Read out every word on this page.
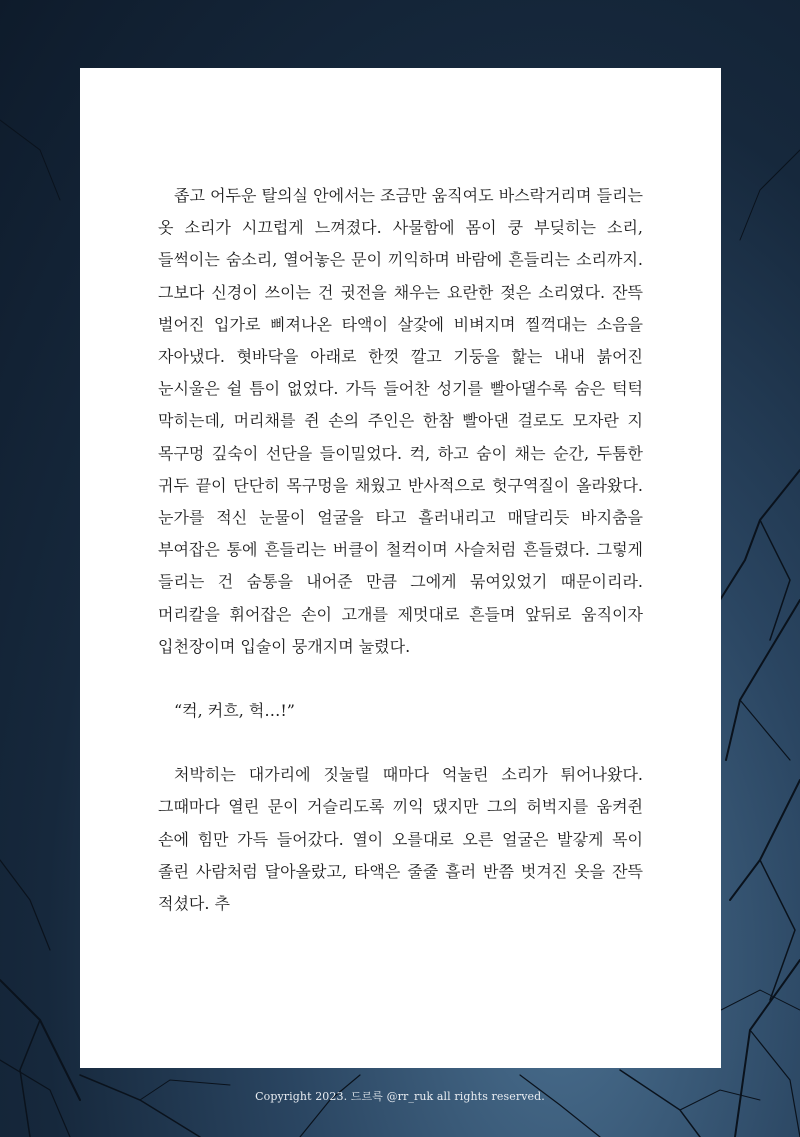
좁고 어두운 탈의실 안에서는 조금만 움직여도 바스락거리며 들리는 옷 소리가 시끄럽게 느껴졌다. 사물함에 몸이 쿵 부딪히는 소리, 들썩이는 숨소리, 열어놓은 문이 끼익하며 바람에 흔들리는 소리까지. 그보다 신경이 쓰이는 건 귓전을 채우는 요란한 젖은 소리였다. 잔뜩 벌어진 입가로 삐져나온 타액이 살갗에 비벼지며 찔꺽대는 소음을 자아냈다. 혓바닥을 아래로 한껏 깔고 기둥을 핥는 내내 붉어진 눈시울은 쉴 틈이 없었다. 가득 들어찬 성기를 빨아댈수록 숨은 턱턱 막히는데, 머리채를 쥔 손의 주인은 한참 빨아댄 걸로도 모자란 지 목구멍 깊숙이 선단을 들이밀었다. 컥, 하고 숨이 채는 순간, 두툼한 귀두 끝이 단단히 목구멍을 채웠고 반사적으로 헛구역질이 올라왔다. 눈가를 적신 눈물이 얼굴을 타고 흘러내리고 매달리듯 바지춤을 부여잡은 통에 흔들리는 버클이 철컥이며 사슬처럼 흔들렸다. 그렇게 들리는 건 숨통을 내어준 만큼 그에게 묶여있었기 때문이리라. 머리칼을 휘어잡은 손이 고개를 제멋대로 흔들며 앞뒤로 움직이자 입천장이며 입술이 뭉개지며 눌렸다.

“컥, 커흐, 헉…!”

처박히는 대가리에 짓눌릴 때마다 억눌린 소리가 튀어나왔다. 그때마다 열린 문이 거슬리도록 끼익 댔지만 그의 허벅지를 움켜쥔 손에 힘만 가득 들어갔다. 열이 오를대로 오른 얼굴은 발갛게 목이 졸린 사람처럼 달아올랐고, 타액은 줄줄 흘러 반쯤 벗겨진 옷을 잔뜩 적셨다. 추

Copyright 2023. 드르륵 @rr_ruk all rights reserved.
